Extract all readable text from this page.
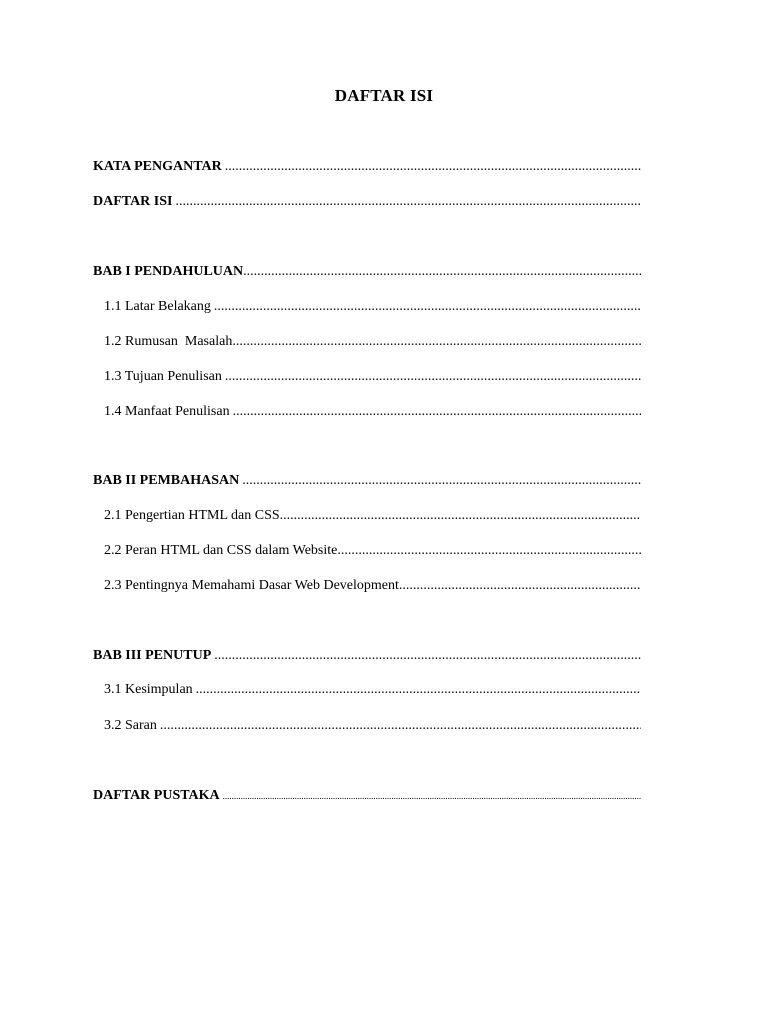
DAFTAR ISI
KATA PENGANTAR
.....
DAFTAR ISI
.....
BAB I PENDAHULUAN
.....
1.1 Latar Belakang
.....
1.2 Rumusan  Masalah
.....
1.3 Tujuan Penulisan
.....
1.4 Manfaat Penulisan
.....
BAB II PEMBAHASAN
.....
2.1 Pengertian HTML dan CSS
.....
2.2 Peran HTML dan CSS dalam Website
.....
2.3 Pentingnya Memahami Dasar Web Development
.....
BAB III PENUTUP
.....
3.1 Kesimpulan
.....
3.2 Saran
.....
DAFTAR PUSTAKA
.....
